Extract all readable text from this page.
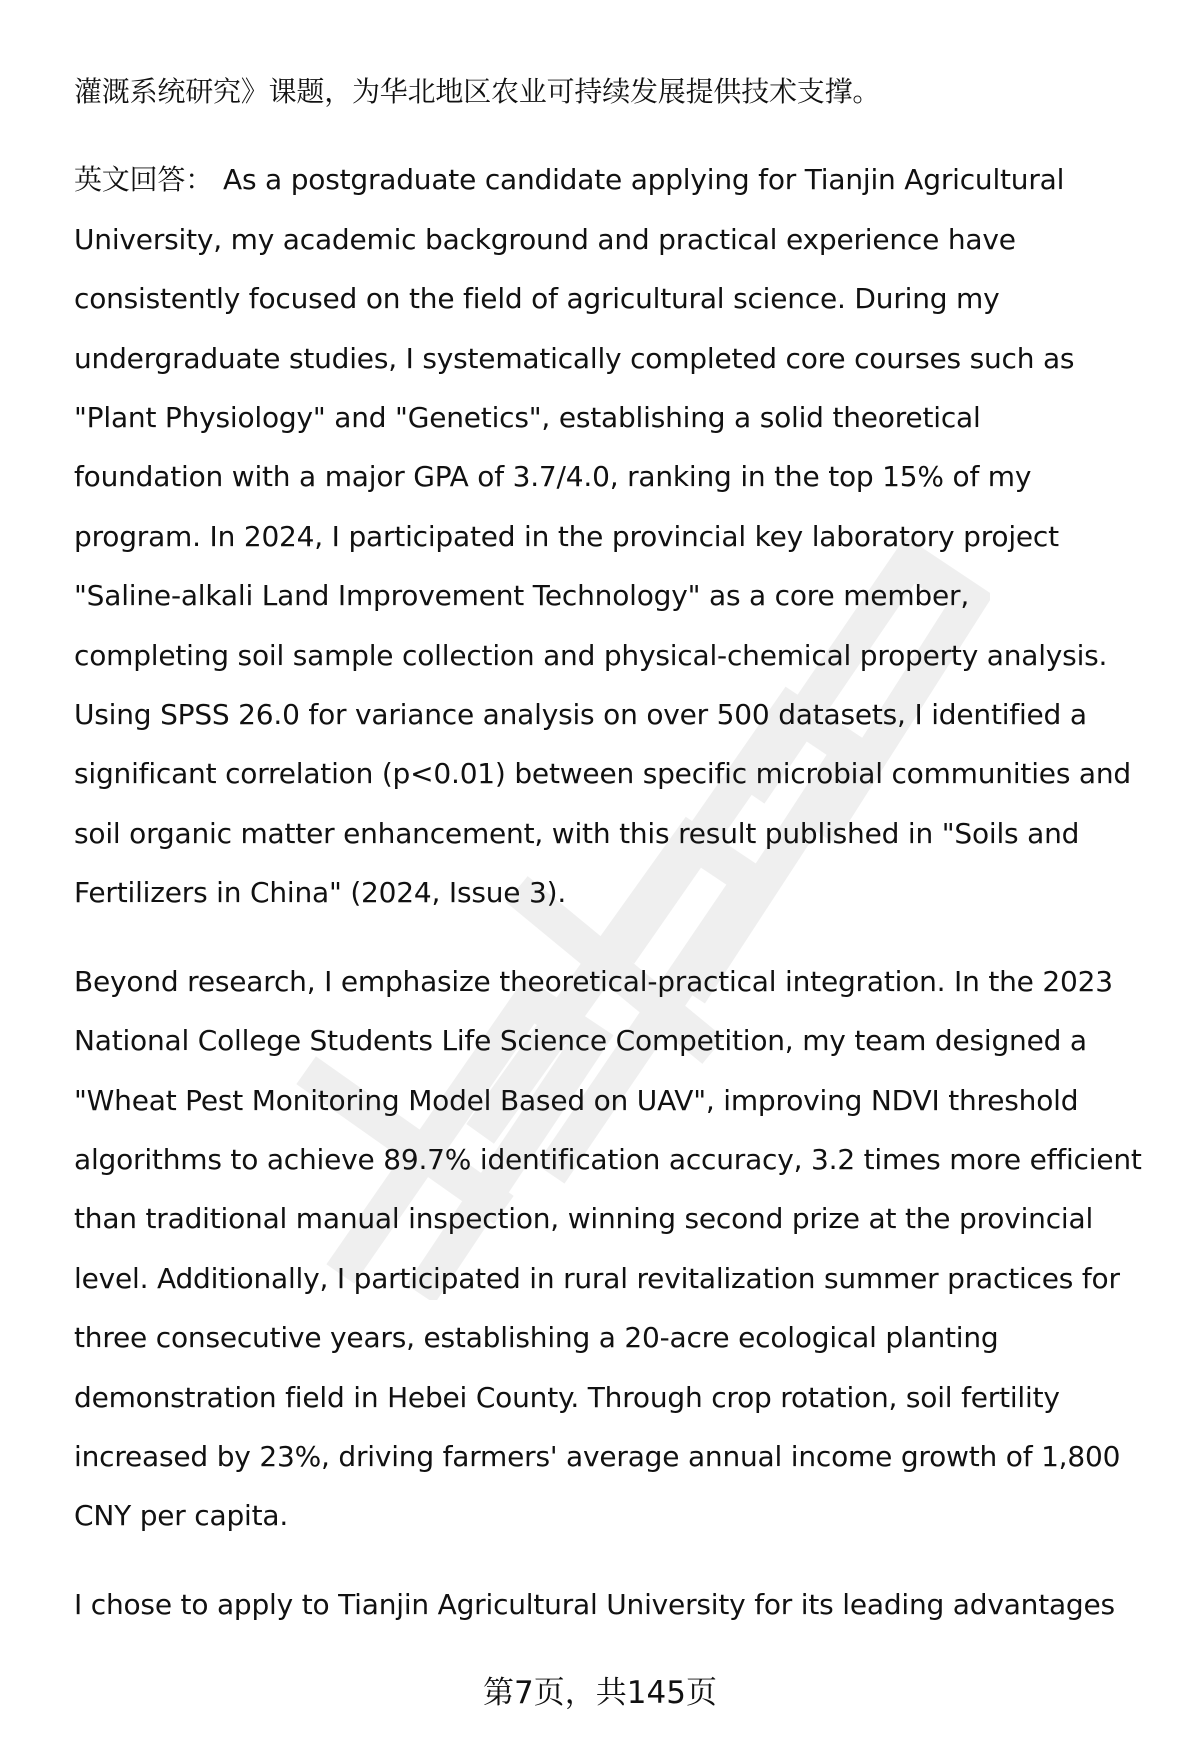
灌溉系统研究》课题，为华北地区农业可持续发展提供技术支撑。

英文回答： As a postgraduate candidate applying for Tianjin Agricultural
University, my academic background and practical experience have
consistently focused on the field of agricultural science. During my
undergraduate studies, I systematically completed core courses such as
"Plant Physiology" and "Genetics", establishing a solid theoretical
foundation with a major GPA of 3.7/4.0, ranking in the top 15% of my
program. In 2024, I participated in the provincial key laboratory project
"Saline-alkali Land Improvement Technology" as a core member,
completing soil sample collection and physical-chemical property analysis.
Using SPSS 26.0 for variance analysis on over 500 datasets, I identified a
significant correlation (p<0.01) between specific microbial communities and
soil organic matter enhancement, with this result published in "Soils and
Fertilizers in China" (2024, Issue 3).

Beyond research, I emphasize theoretical-practical integration. In the 2023
National College Students Life Science Competition, my team designed a
"Wheat Pest Monitoring Model Based on UAV", improving NDVI threshold
algorithms to achieve 89.7% identification accuracy, 3.2 times more efficient
than traditional manual inspection, winning second prize at the provincial
level. Additionally, I participated in rural revitalization summer practices for
three consecutive years, establishing a 20-acre ecological planting
demonstration field in Hebei County. Through crop rotation, soil fertility
increased by 23%, driving farmers' average annual income growth of 1,800
CNY per capita.

I chose to apply to Tianjin Agricultural University for its leading advantages

第7页，共145页
